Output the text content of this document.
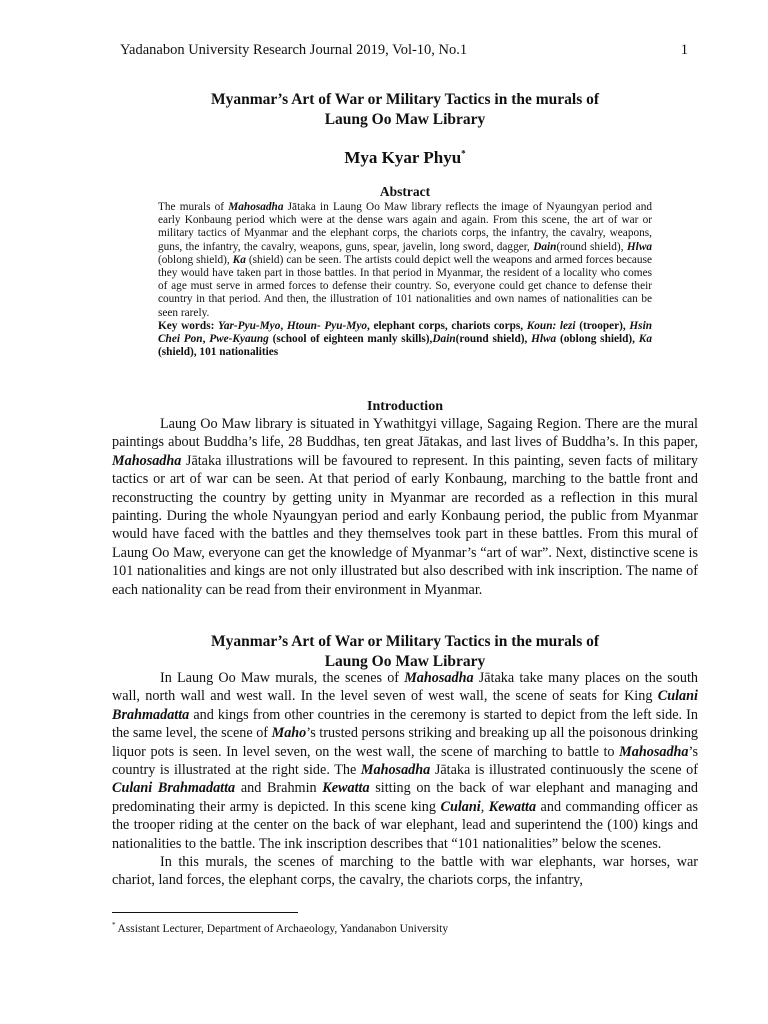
Yadanabon University Research Journal 2019, Vol-10, No.1	1
Myanmar’s Art of War or Military Tactics in the murals of
Laung Oo Maw Library
Mya Kyar Phyu*
Abstract

The murals of Mahosadha Jātaka in Laung Oo Maw library reflects the image of Nyaungyan period and early Konbaung period which were at the dense wars again and again. From this scene, the art of war or military tactics of Myanmar and the elephant corps, the chariots corps, the infantry, the cavalry, weapons, guns, the infantry, the cavalry, weapons, guns, spear, javelin, long sword, dagger, Dain(round shield), Hlwa (oblong shield), Ka (shield) can be seen. The artists could depict well the weapons and armed forces because they would have taken part in those battles. In that period in Myanmar, the resident of a locality who comes of age must serve in armed forces to defense their country. So, everyone could get chance to defense their country in that period. And then, the illustration of 101 nationalities and own names of nationalities can be seen rarely.

Key words: Yar-Pyu-Myo, Htoun- Pyu-Myo, elephant corps, chariots corps, Koun: lezi (trooper), Hsin Chei Pon, Pwe-Kyaung (school of eighteen manly skills),Dain(round shield), Hlwa (oblong shield), Ka (shield), 101 nationalities

Introduction

Laung Oo Maw library is situated in Ywathitgyi village, Sagaing Region. There are the mural paintings about Buddha’s life, 28 Buddhas, ten great Jātakas, and last lives of Buddha’s. In this paper, Mahosadha Jātaka illustrations will be favoured to represent. In this painting, seven facts of military tactics or art of war can be seen. At that period of early Konbaung, marching to the battle front and reconstructing the country by getting unity in Myanmar are recorded as a reflection in this mural painting. During the whole Nyaungyan period and early Konbaung period, the public from Myanmar would have faced with the battles and they themselves took part in these battles. From this mural of Laung Oo Maw, everyone can get the knowledge of Myanmar’s “art of war”. Next, distinctive scene is 101 nationalities and kings are not only illustrated but also described with ink inscription. The name of each nationality can be read from their environment in Myanmar.

Myanmar’s Art of War or Military Tactics in the murals of
Laung Oo Maw Library

In Laung Oo Maw murals, the scenes of Mahosadha Jātaka take many places on the south wall, north wall and west wall. In the level seven of west wall, the scene of seats for King Culani Brahmadatta and kings from other countries in the ceremony is started to depict from the left side. In the same level, the scene of Maho’s trusted persons striking and breaking up all the poisonous drinking liquor pots is seen. In level seven, on the west wall, the scene of marching to battle to Mahosadha’s country is illustrated at the right side. The Mahosadha Jātaka is illustrated continuously the scene of Culani Brahmadatta and Brahmin Kewatta sitting on the back of war elephant and managing and predominating their army is depicted. In this scene king Culani, Kewatta and commanding officer as the trooper riding at the center on the back of war elephant, lead and superintend the (100) kings and nationalities to the battle. The ink inscription describes that “101 nationalities” below the scenes.

In this murals, the scenes of marching to the battle with war elephants, war horses, war chariot, land forces, the elephant corps, the cavalry, the chariots corps, the infantry,

* Assistant Lecturer, Department of Archaeology, Yandanabon University
